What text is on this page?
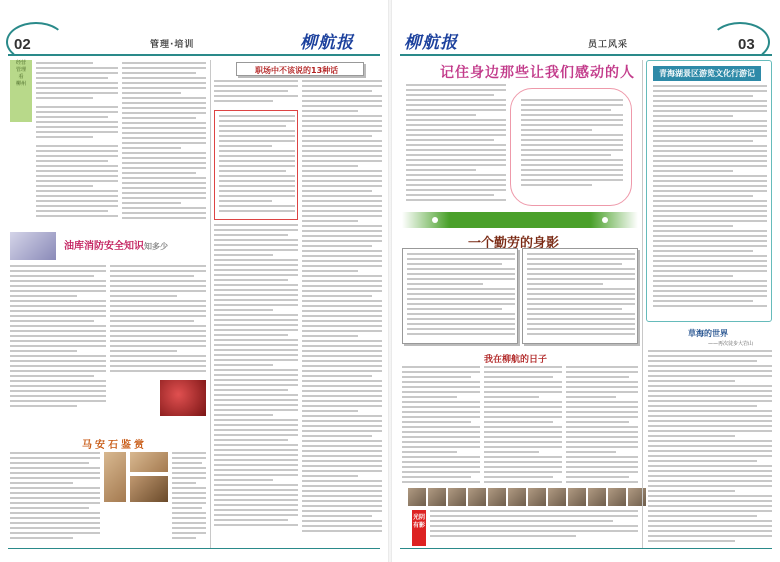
02	管理·培训	柳航报
经营
管理
看
柳州
油库消防安全知识知多少
马安石鉴赏
职场中不该说的13种话
柳航报	员工风采	03
记住身边那些让我们感动的人
一个勤劳的身影
我在柳航的日子
光阴有影
青海湖景区游览文化行游记
草海的世界
——再次徒步大岩山
